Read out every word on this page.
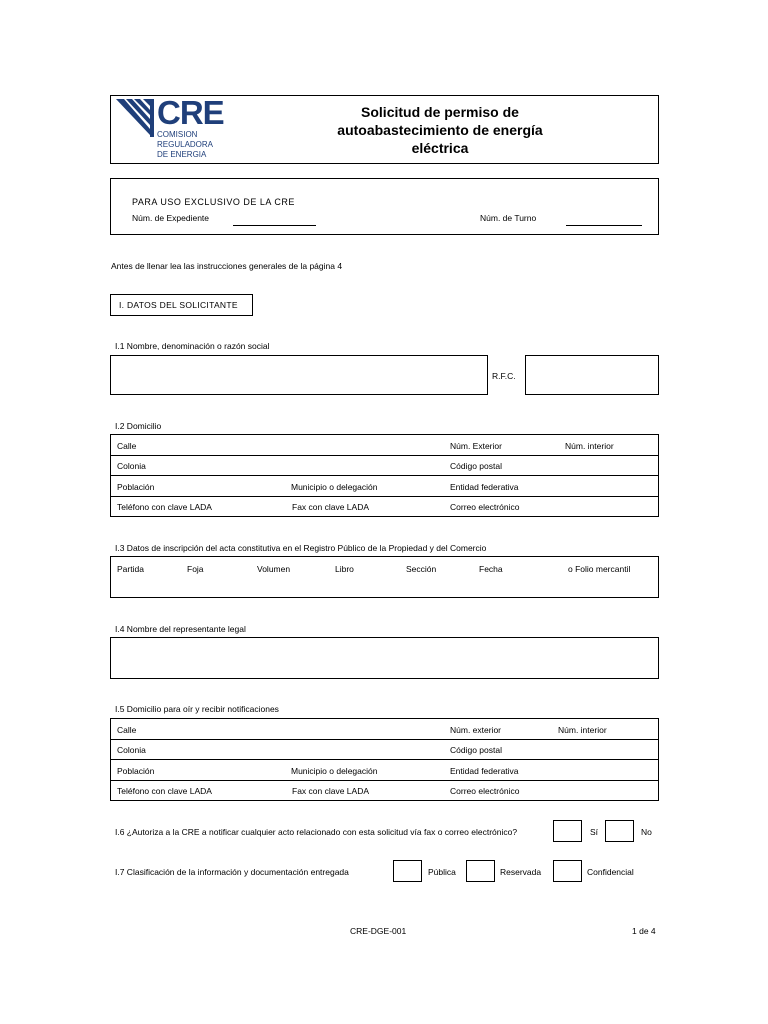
CRE
COMISION
REGULADORA
DE ENERGIA
Solicitud de permiso de
autoabastecimiento de energía
eléctrica
PARA USO EXCLUSIVO DE LA CRE
Núm. de Expediente	Núm. de Turno
Antes de llenar lea las instrucciones generales de la página 4
I. DATOS DEL SOLICITANTE
I.1 Nombre, denominación o razón social
R.F.C.
I.2 Domicilio
Calle	Núm. Exterior	Núm. interior
Colonia	Código postal
Población	Municipio o delegación	Entidad federativa
Teléfono con clave LADA	Fax con clave LADA	Correo electrónico
I.3 Datos de inscripción del acta constitutiva en el Registro Público de la Propiedad y del Comercio
Partida	Foja	Volumen	Libro	Sección	Fecha	o Folio mercantil
I.4 Nombre del representante legal
I.5 Domicilio para oír y recibir notificaciones
Calle	Núm. exterior	Núm. interior
Colonia	Código postal
Población	Municipio o delegación	Entidad federativa
Teléfono con clave LADA	Fax con clave LADA	Correo electrónico
I.6 ¿Autoriza a la CRE a notificar cualquier acto relacionado con esta solicitud vía fax o correo electrónico?	Sí	No
I.7 Clasificación de la información y documentación entregada	Pública	Reservada	Confidencial
CRE-DGE-001	1 de 4
